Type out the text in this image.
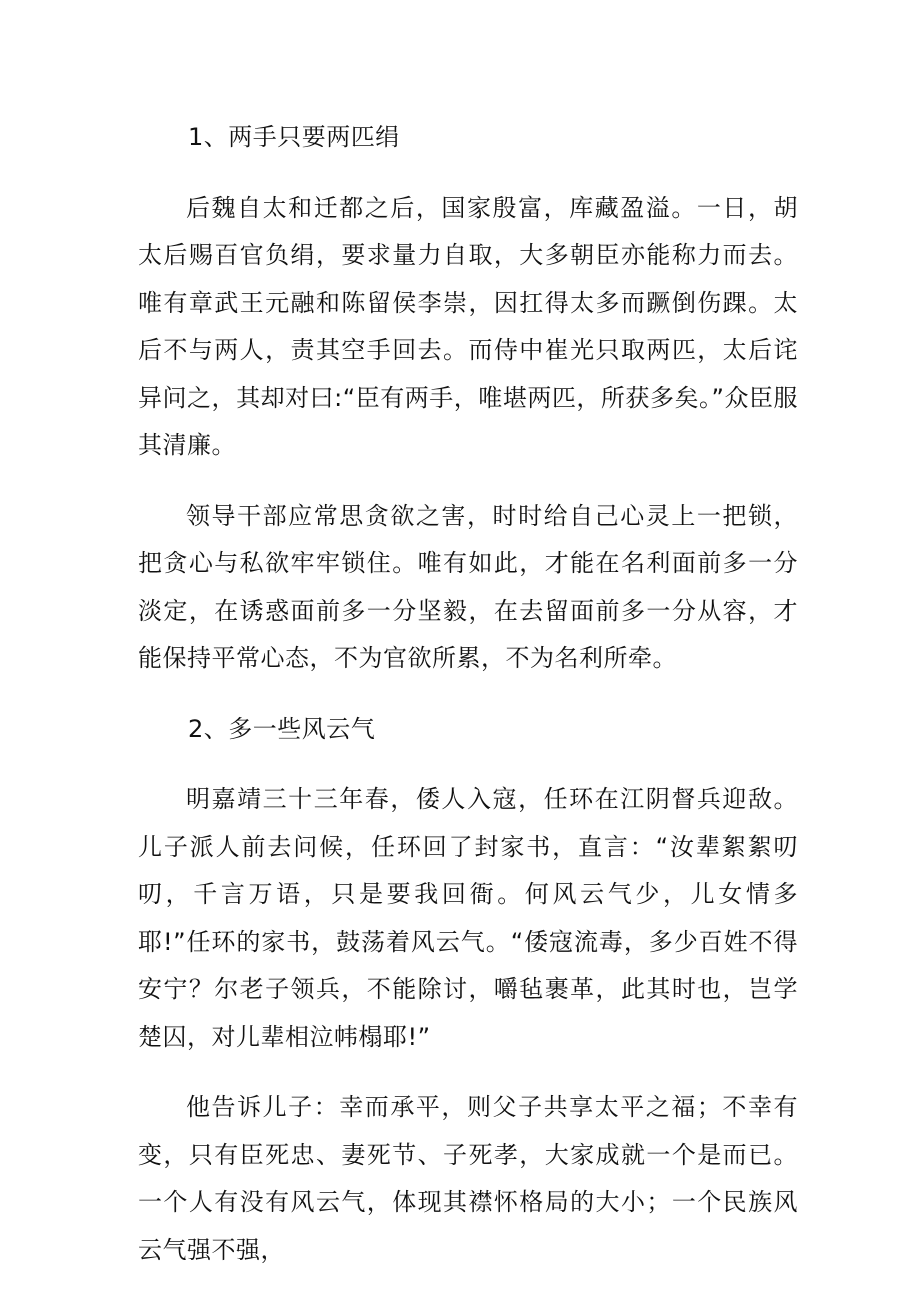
1、两手只要两匹绢

后魏自太和迁都之后，国家殷富，库藏盈溢。一日，胡太后赐百官负绢，要求量力自取，大多朝臣亦能称力而去。唯有章武王元融和陈留侯李崇，因扛得太多而蹶倒伤踝。太后不与两人，责其空手回去。而侍中崔光只取两匹，太后诧异问之，其却对曰:“臣有两手，唯堪两匹，所获多矣。”众臣服其清廉。

领导干部应常思贪欲之害，时时给自己心灵上一把锁，把贪心与私欲牢牢锁住。唯有如此，才能在名利面前多一分淡定，在诱惑面前多一分坚毅，在去留面前多一分从容，才能保持平常心态，不为官欲所累，不为名利所牵。

2、多一些风云气

明嘉靖三十三年春，倭人入寇，任环在江阴督兵迎敌。儿子派人前去问候，任环回了封家书，直言：“汝辈絮絮叨叨，千言万语，只是要我回衙。何风云气少，儿女情多耶!”任环的家书，鼓荡着风云气。“倭寇流毒，多少百姓不得安宁？尔老子领兵，不能除讨，嚼毡裹革，此其时也，岂学楚囚，对儿辈相泣帏榻耶!”

他告诉儿子：幸而承平，则父子共享太平之福；不幸有变，只有臣死忠、妻死节、子死孝，大家成就一个是而已。一个人有没有风云气，体现其襟怀格局的大小；一个民族风云气强不强，
